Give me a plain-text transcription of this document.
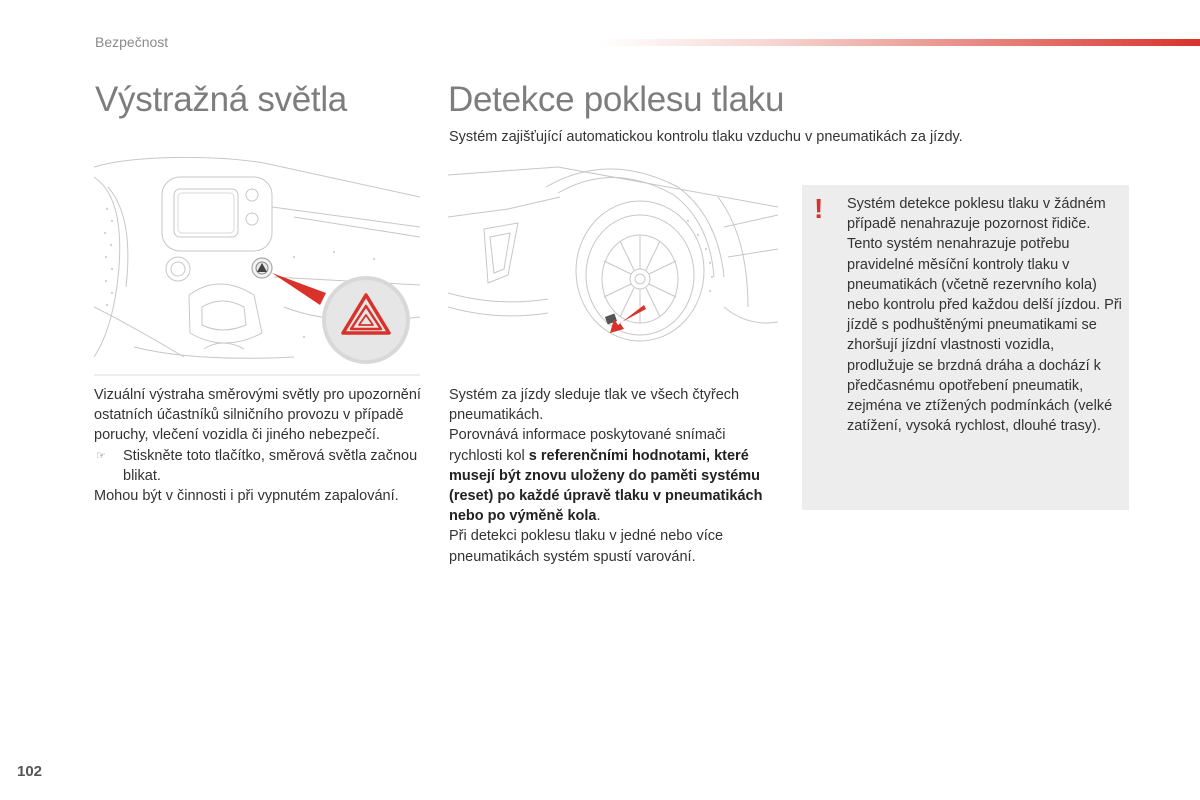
Bezpečnost
Výstražná světla	Detekce poklesu tlaku
Systém zajišťující automatickou kontrolu tlaku vzduchu v pneumatikách za jízdy.
Vizuální výstraha směrovými světly pro upozornění ostatních účastníků silničního provozu v případě poruchy, vlečení vozidla či jiného nebezpečí.
☞ Stiskněte toto tlačítko, směrová světla začnou blikat.
Mohou být v činnosti i při vypnutém zapalování.
Systém za jízdy sleduje tlak ve všech čtyřech pneumatikách.
Porovnává informace poskytované snímači rychlosti kol s referenčními hodnotami, které musejí být znovu uloženy do paměti systému (reset) po každé úpravě tlaku v pneumatikách nebo po výměně kola.
Při detekci poklesu tlaku v jedné nebo více pneumatikách systém spustí varování.
! Systém detekce poklesu tlaku v žádném případě nenahrazuje pozornost řidiče. Tento systém nenahrazuje potřebu pravidelné měsíční kontroly tlaku v pneumatikách (včetně rezervního kola) nebo kontrolu před každou delší jízdou. Při jízdě s podhuštěnými pneumatikami se zhoršují jízdní vlastnosti vozidla, prodlužuje se brzdná dráha a dochází k předčasnému opotřebení pneumatik, zejména ve ztížených podmínkách (velké zatížení, vysoká rychlost, dlouhé trasy).
102
